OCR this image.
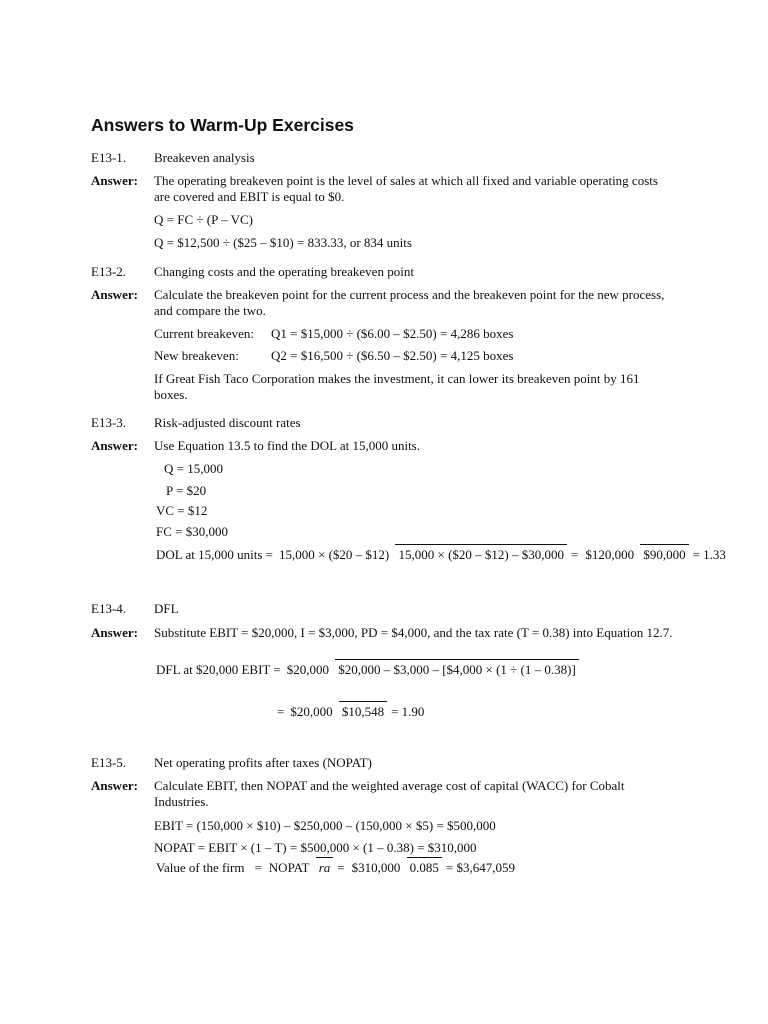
Answers to Warm-Up Exercises
E13-1. Breakeven analysis
Answer: The operating breakeven point is the level of sales at which all fixed and variable operating costs are covered and EBIT is equal to $0.
Q = FC ÷ (P – VC)
Q = $12,500 ÷ ($25 – $10) = 833.33, or 834 units
E13-2. Changing costs and the operating breakeven point
Answer: Calculate the breakeven point for the current process and the breakeven point for the new process, and compare the two.
Current breakeven: Q1 = $15,000 ÷ ($6.00 – $2.50) = 4,286 boxes
New breakeven: Q2 = $16,500 ÷ ($6.50 – $2.50) = 4,125 boxes
If Great Fish Taco Corporation makes the investment, it can lower its breakeven point by 161 boxes.
E13-3. Risk-adjusted discount rates
Answer: Use Equation 13.5 to find the DOL at 15,000 units.
Q = 15,000
P = $20
VC = $12
FC = $30,000
DOL at 15,000 units = 15,000 × ($20 – $12) 15,000 × ($20 – $12) – $30,000 = $120,000 $90,000 = 1.33
E13-4. DFL
Answer: Substitute EBIT = $20,000, I = $3,000, PD = $4,000, and the tax rate (T = 0.38) into Equation 12.7.
DFL at $20,000 EBIT = $20,000 $20,000 – $3,000 – [$4,000 × (1 ÷ (1 – 0.38)]
= $20,000 $10,548 = 1.90
E13-5. Net operating profits after taxes (NOPAT)
Answer: Calculate EBIT, then NOPAT and the weighted average cost of capital (WACC) for Cobalt Industries.
EBIT = (150,000 × $10) – $250,000 – (150,000 × $5) = $500,000
NOPAT = EBIT × (1 – T) = $500,000 × (1 – 0.38) = $310,000
Value of the firm = NOPAT ra = $310,000 0.085 = $3,647,059
